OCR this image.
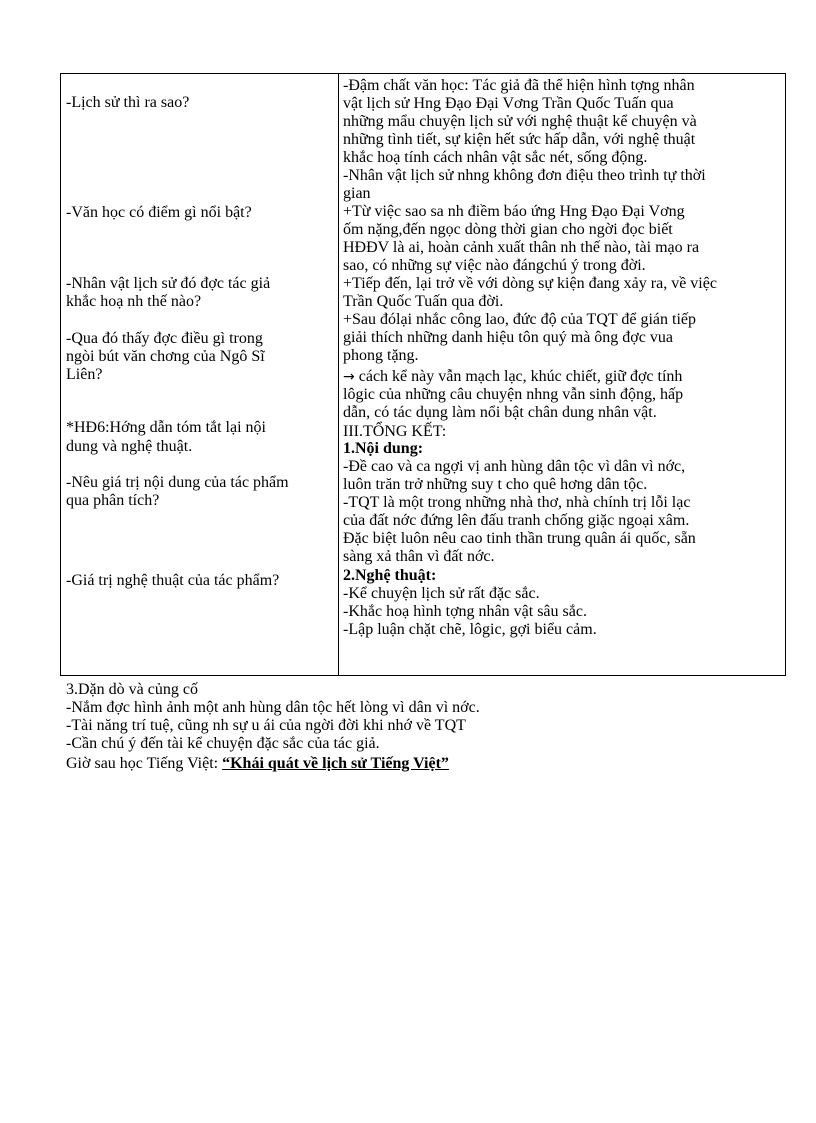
-Lịch sử thì ra sao?
-Văn học có điểm gì nổi bật?
-Nhân vật lịch sử đó đợc tác giả
khắc hoạ nh thế nào?
-Qua đó thấy đợc điều gì trong
ngòi bút văn chơng của Ngô Sĩ
Liên?
*HĐ6:Hớng dẫn tóm tắt lại nội
dung và nghệ thuật.
-Nêu giá trị nội dung của tác phẩm
qua phân tích?
-Giá trị nghệ thuật của tác phẩm?
-Đậm chất văn học: Tác giả đã thể hiện hình tợng nhân
vật lịch sử Hng Đạo Đại Vơng Trần Quốc Tuấn qua
những mẩu chuyện lịch sử với nghệ thuật kể chuyện và
những tình tiết, sự kiện hết sức hấp dẫn, với nghệ thuật
khắc hoạ tính cách nhân vật sắc nét, sống động.
-Nhân vật lịch sử nhng không đơn điệu theo trình tự thời
gian
+Từ việc sao sa nh điềm báo ứng Hng Đạo Đại Vơng
ốm nặng,đến ngọc dòng thời gian cho ngời đọc biết
HĐĐV là ai, hoàn cảnh xuất thân nh thế nào, tài mạo ra
sao, có những sự việc nào đángchú ý trong đời.
+Tiếp đến, lại trở về với dòng sự kiện đang xảy ra, về việc
Trần Quốc Tuấn qua đời.
+Sau đólại nhắc công lao, đức độ của TQT để gián tiếp
giải thích những danh hiệu tôn quý mà ông đợc vua
phong tặng.
→ cách kể này vẫn mạch lạc, khúc chiết, giữ đợc tính
lôgic của những câu chuyện nhng vẫn sinh động, hấp
dẫn, có tác dụng làm nổi bật chân dung nhân vật.
III.TỔNG KẾT:
1.Nội dung:
-Đề cao và ca ngợi vị anh hùng dân tộc vì dân vì nớc,
luôn trăn trở những suy t cho quê hơng dân tộc.
-TQT là một trong những nhà thơ, nhà chính trị lỗi lạc
của đất nớc đứng lên đấu tranh chống giặc ngoại xâm.
Đặc biệt luôn nêu cao tinh thần trung quân ái quốc, sẵn
sàng xả thân vì đất nớc.
2.Nghệ thuật:
-Kể chuyện lịch sử rất đặc sắc.
-Khắc hoạ hình tợng nhân vật sâu sắc.
-Lập luận chặt chẽ, lôgic, gợi biểu cảm.
3.Dặn dò và củng cố
-Nắm đợc hình ảnh một anh hùng dân tộc hết lòng vì dân vì nớc.
-Tài năng trí tuệ, cũng nh sự u ái của ngời đời khi nhớ về TQT
-Cần chú ý đến tài kể chuyện đặc sắc của tác giả.
Giờ sau học Tiếng Việt: “Khái quát về lịch sử Tiếng Việt”
